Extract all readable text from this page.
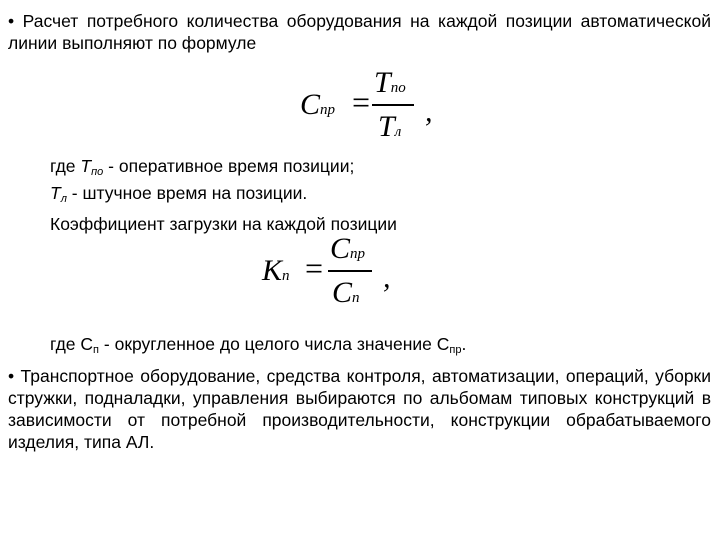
• Расчет потребного количества оборудования на каждой позиции автоматической линии выполняют по формуле
Cпр =
Tпо
Tл
,
где Tпо - оперативное время позиции;
Tл - штучное время на позиции.
Коэффициент загрузки на каждой позиции
Kп =
Cпр
Cп
,
где Сп - округленное до целого числа значение Спр.
• Транспортное оборудование, средства контроля, автоматизации, операций, уборки стружки, подналадки, управления выбираются по альбомам типовых конструкций в зависимости от потребной производительности, конструкции обрабатываемого изделия, типа АЛ.
